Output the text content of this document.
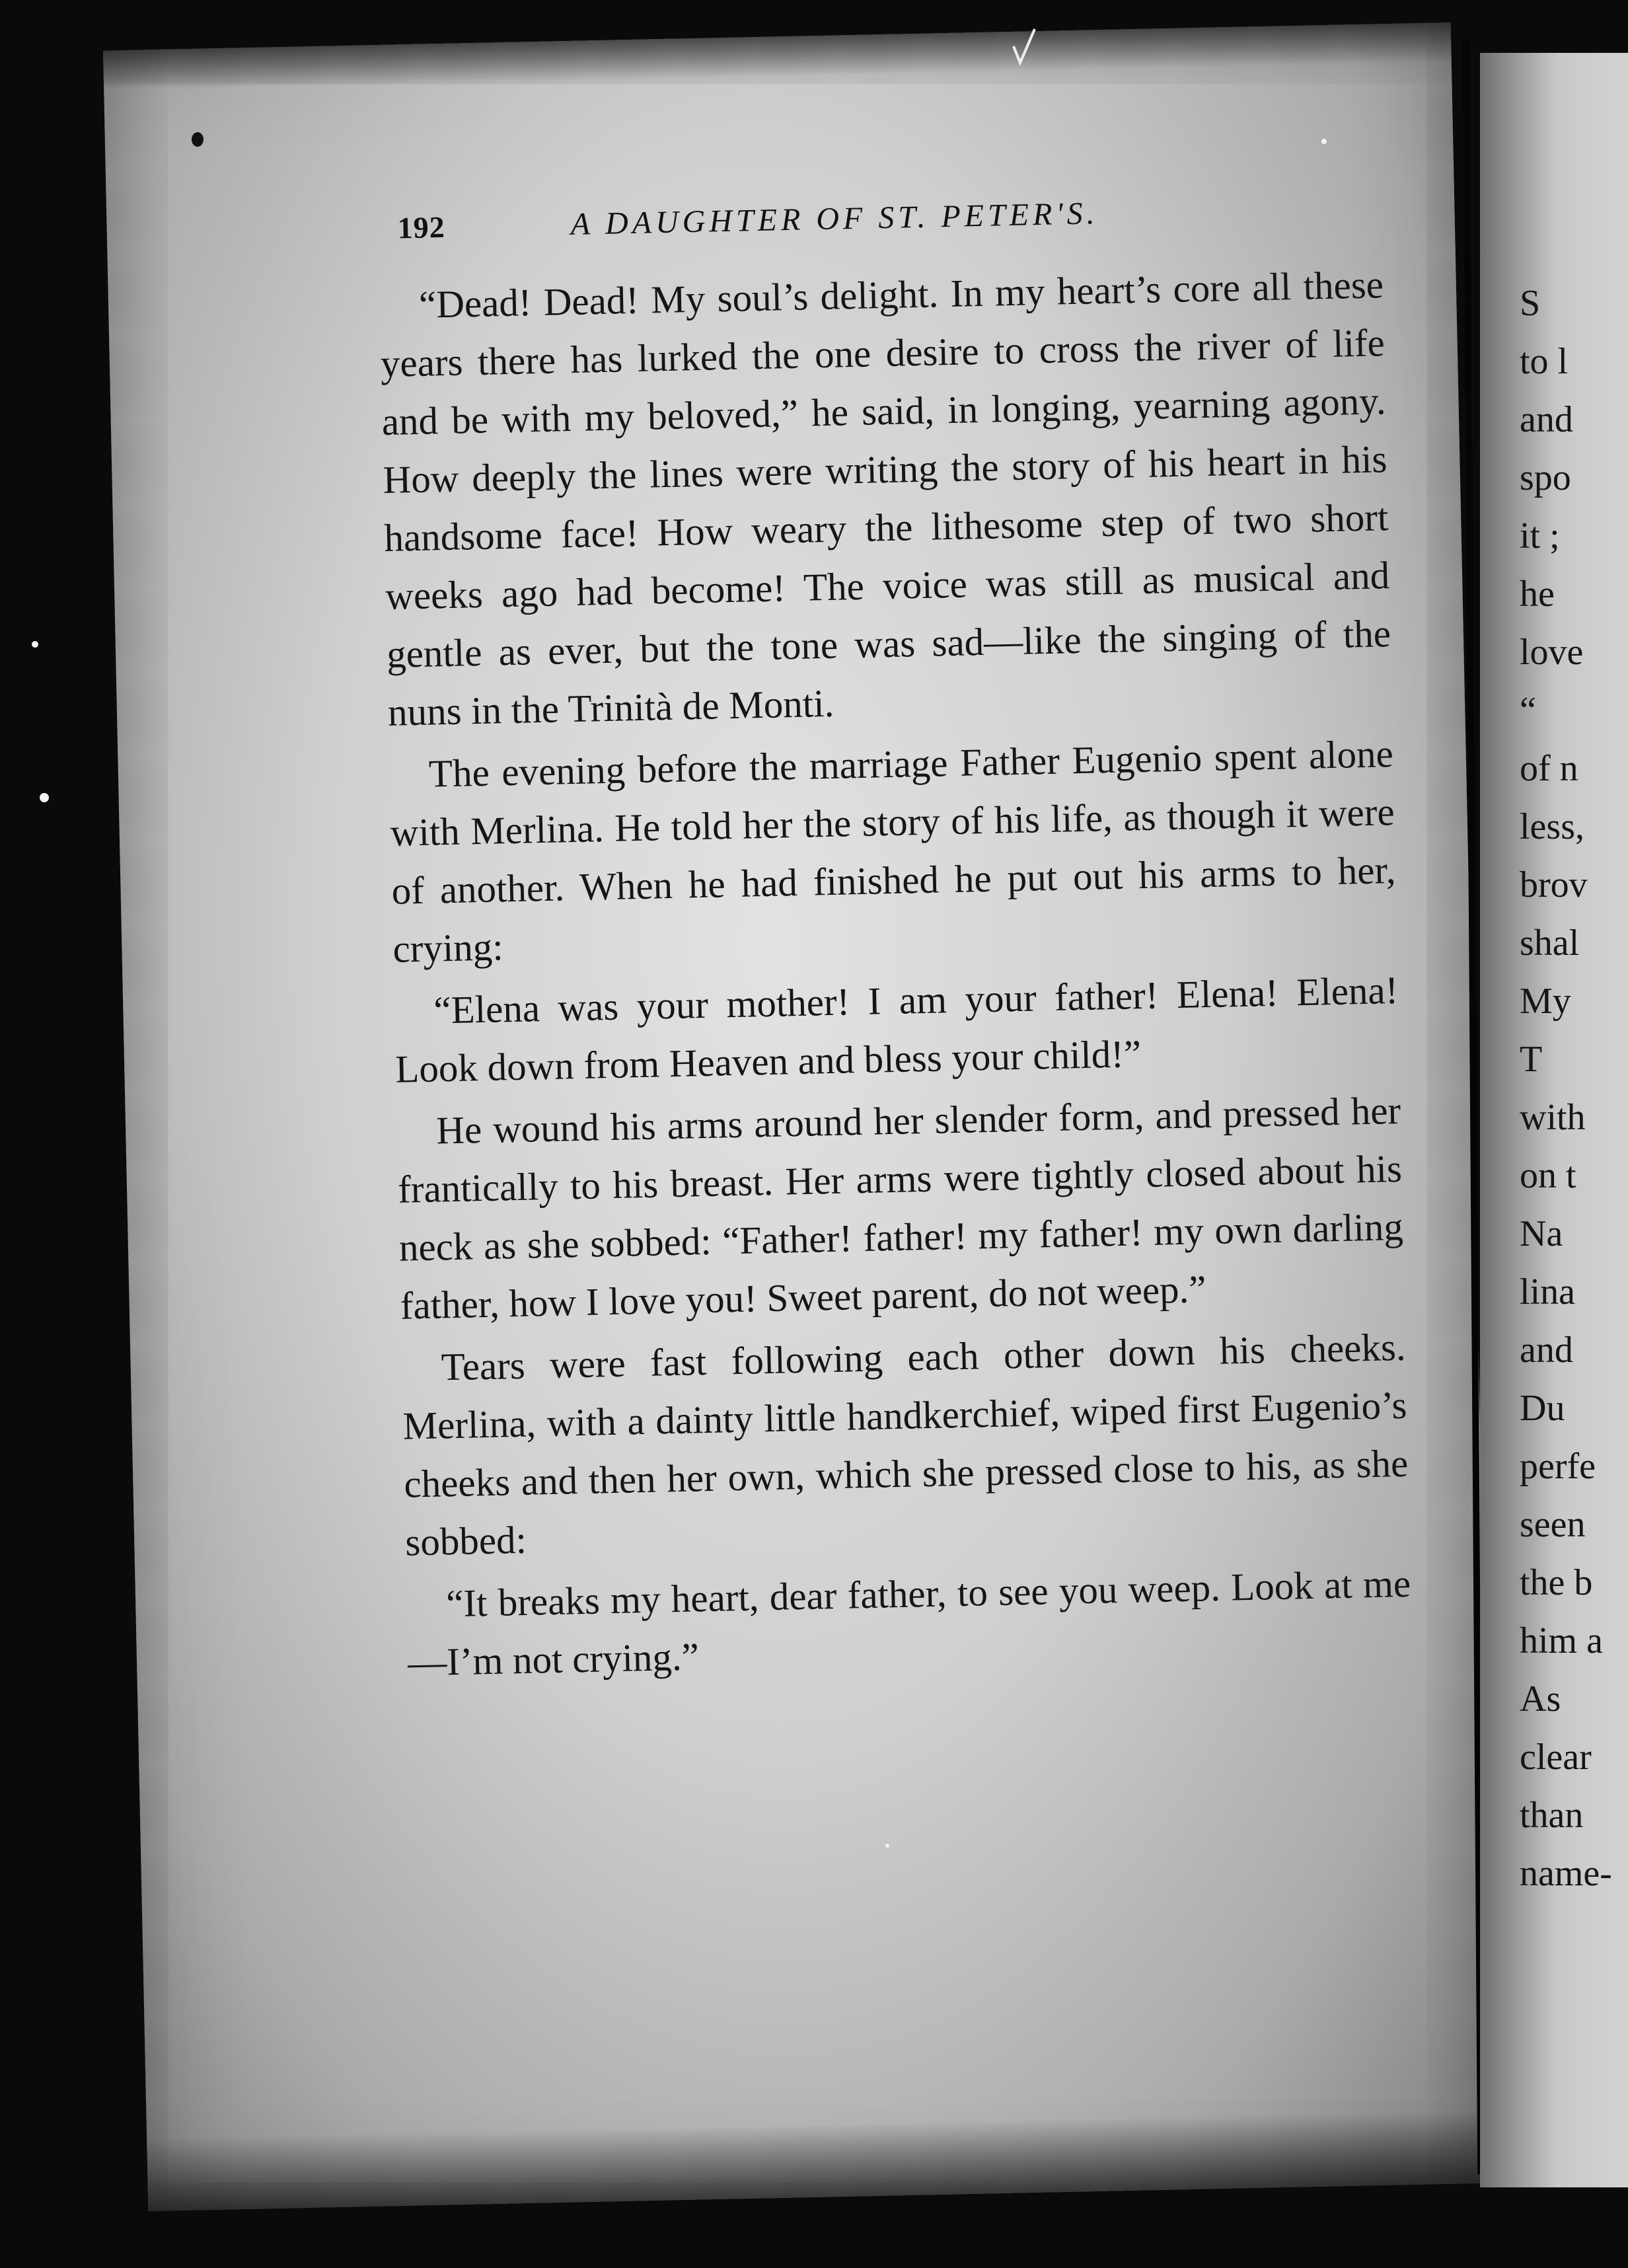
192	A DAUGHTER OF ST. PETER'S.

“Dead! Dead! My soul’s delight. In my heart’s core all these years there has lurked the one desire to cross the river of life and be with my beloved,” he said, in longing, yearning agony. How deeply the lines were writing the story of his heart in his handsome face! How weary the lithesome step of two short weeks ago had become! The voice was still as musical and gentle as ever, but the tone was sad—like the singing of the nuns in the Trinità de Monti.

The evening before the marriage Father Eugenio spent alone with Merlina. He told her the story of his life, as though it were of another. When he had finished he put out his arms to her, crying:

“Elena was your mother! I am your father! Elena! Elena! Look down from Heaven and bless your child!”

He wound his arms around her slender form, and pressed her frantically to his breast. Her arms were tightly closed about his neck as she sobbed: “Father! father! my father! my own darling father, how I love you! Sweet parent, do not weep.”

Tears were fast following each other down his cheeks. Merlina, with a dainty little handkerchief, wiped first Eugenio’s cheeks and then her own, which she pressed close to his, as she sobbed:

“It breaks my heart, dear father, to see you weep. Look at me—I’m not crying.”

S
to l
and
spo
it ;
he
love
“
of n
less,
brov
shal
My
T
with
on t
Na
lina
and
Du
perfe
seen
the b
him a
As
clear
than
name-
